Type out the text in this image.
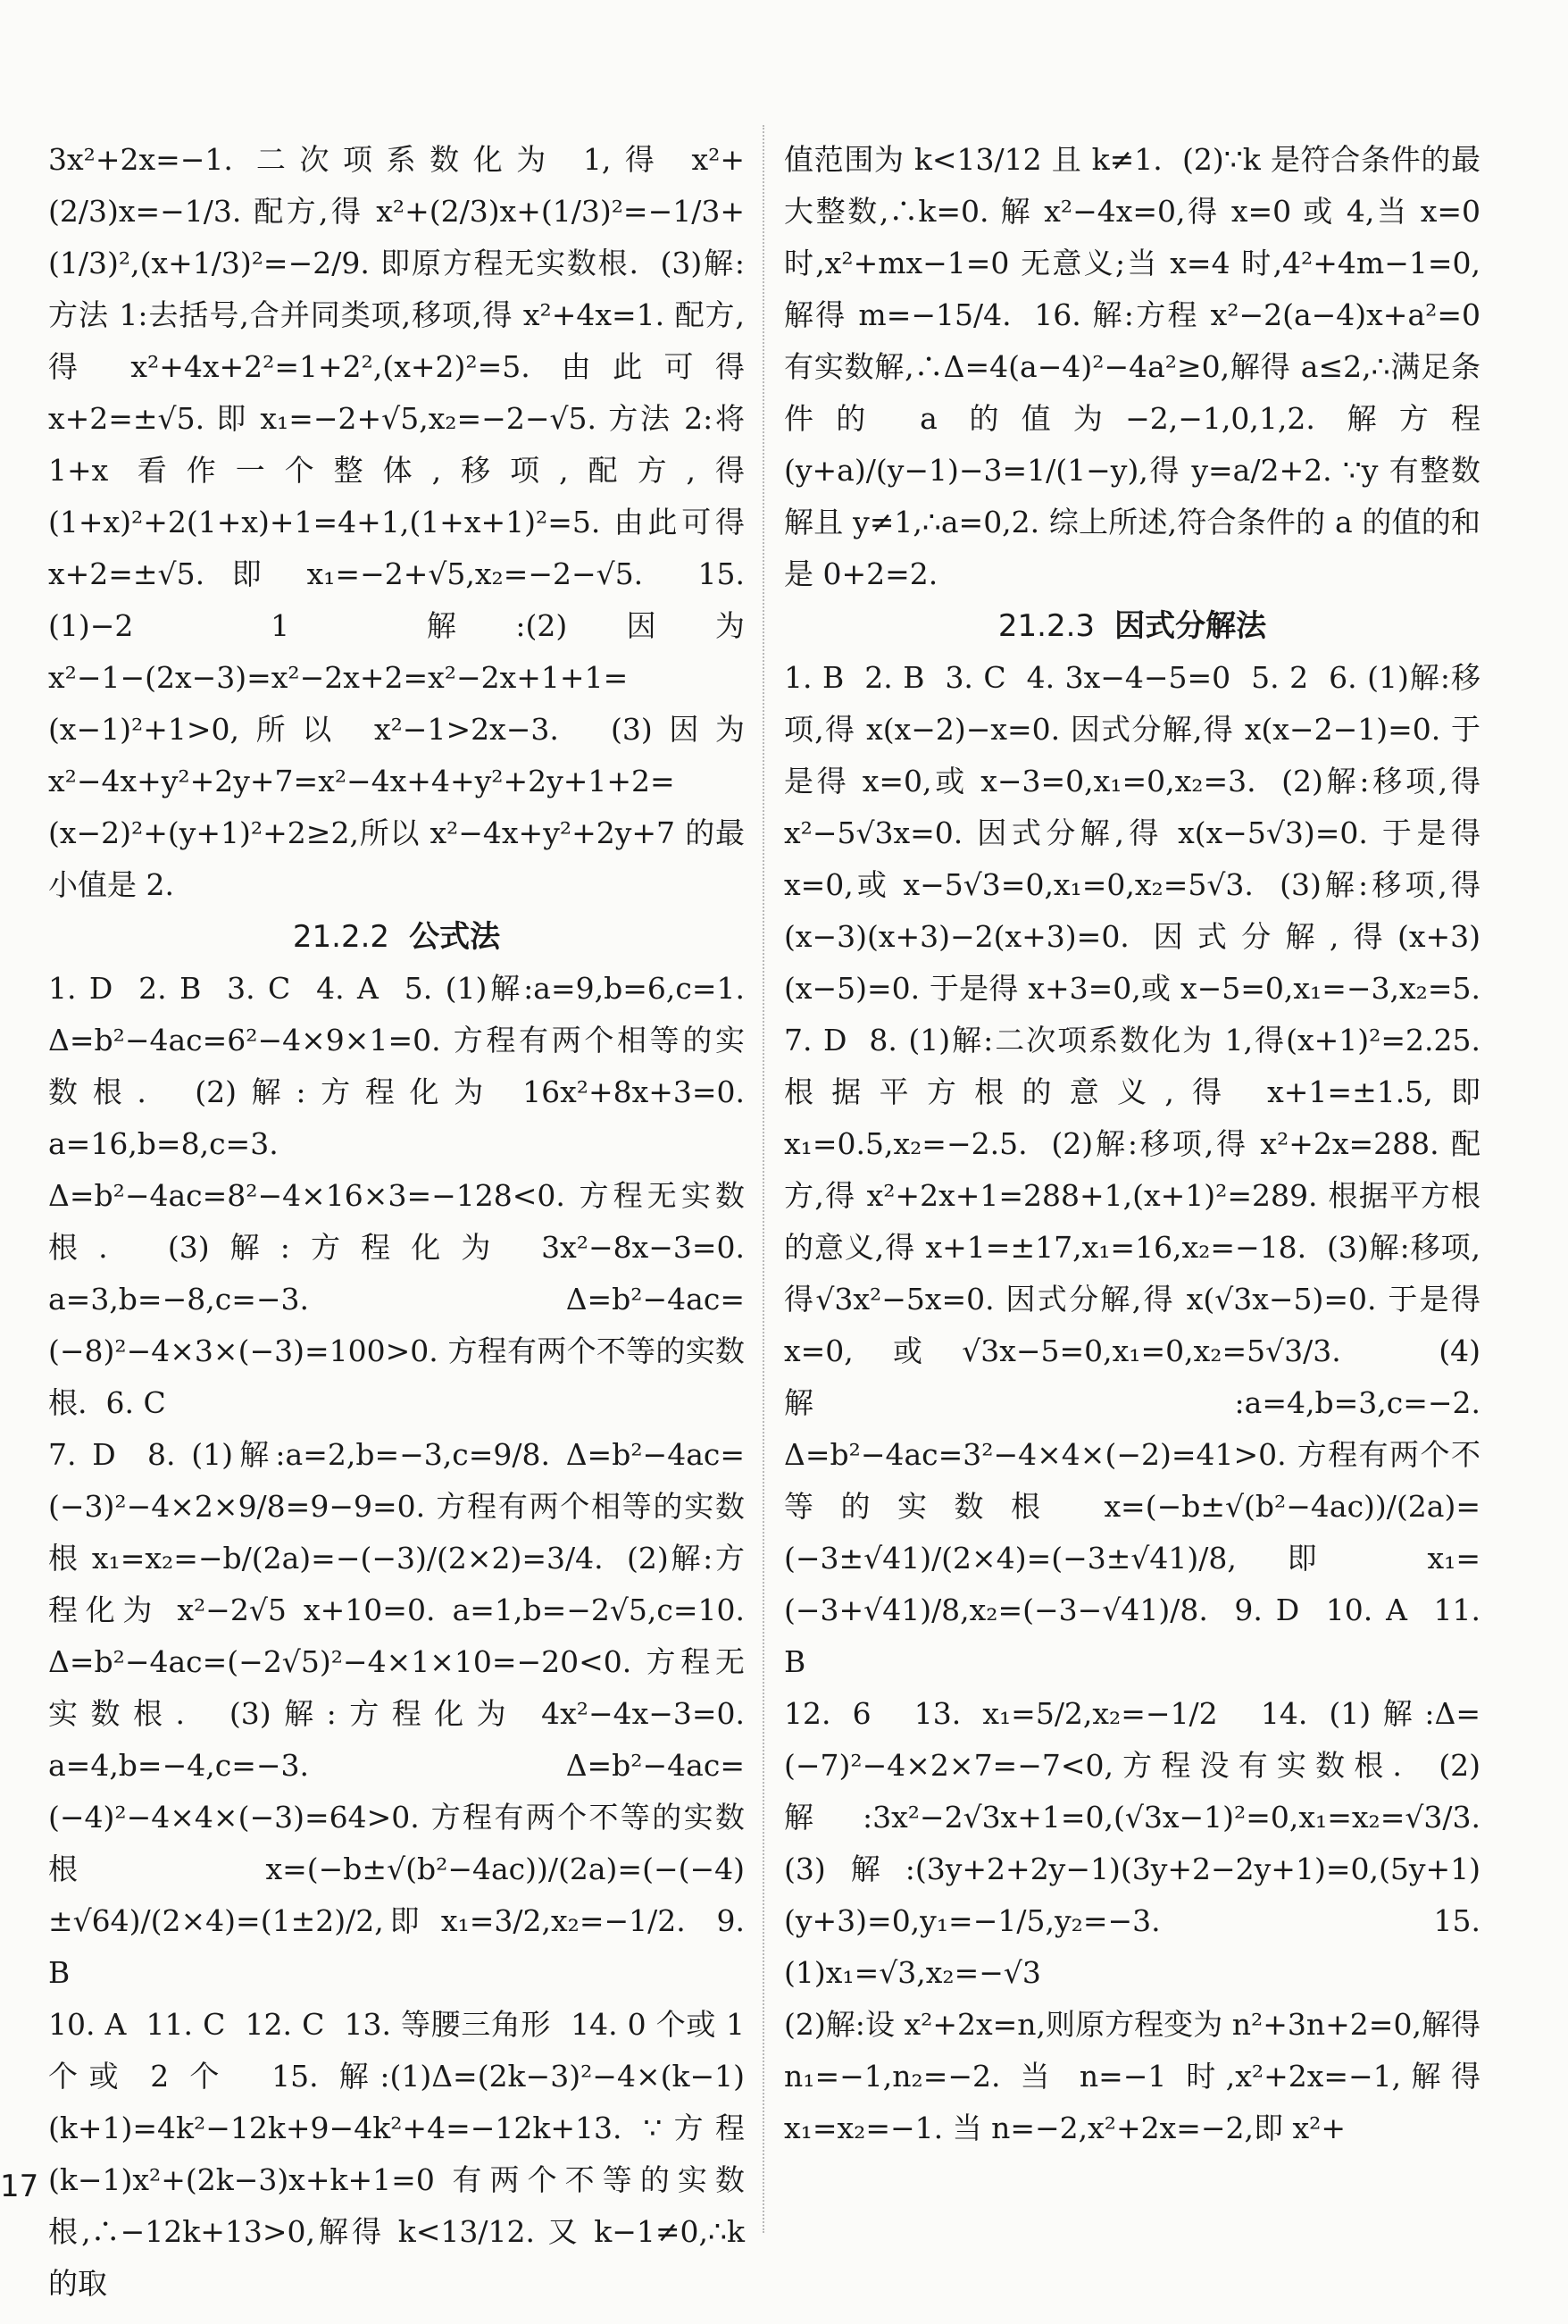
3x²+2x=−1. 二次项系数化为 1,得 x²+(2/3)x=−1/3. 配方,得 x²+(2/3)x+(1/3)²=−1/3+(1/3)²,(x+1/3)²=−2/9. 即原方程无实数根.  (3)解:方法 1:去括号,合并同类项,移项,得 x²+4x=1. 配方,得 x²+4x+2²=1+2²,(x+2)²=5. 由此可得 x+2=±√5. 即 x₁=−2+√5,x₂=−2−√5. 方法 2:将 1+x 看作一个整体,移项,配方,得(1+x)²+2(1+x)+1=4+1,(1+x+1)²=5. 由此可得 x+2=±√5. 即 x₁=−2+√5,x₂=−2−√5.  15. (1)−2  1  解:(2)因为 x²−1−(2x−3)=x²−2x+2=x²−2x+1+1=(x−1)²+1>0,所以 x²−1>2x−3.  (3)因为 x²−4x+y²+2y+7=x²−4x+4+y²+2y+1+2=(x−2)²+(y+1)²+2≥2,所以 x²−4x+y²+2y+7 的最小值是 2.

21.2.2 公式法

1. D  2. B  3. C  4. A  5. (1)解:a=9,b=6,c=1. Δ=b²−4ac=6²−4×9×1=0. 方程有两个相等的实数根.  (2)解:方程化为 16x²+8x+3=0. a=16,b=8,c=3. Δ=b²−4ac=8²−4×16×3=−128<0. 方程无实数根.  (3)解:方程化为 3x²−8x−3=0. a=3,b=−8,c=−3. Δ=b²−4ac=(−8)²−4×3×(−3)=100>0. 方程有两个不等的实数根.  6. C

7. D  8. (1)解:a=2,b=−3,c=9/8. Δ=b²−4ac=(−3)²−4×2×9/8=9−9=0. 方程有两个相等的实数根 x₁=x₂=−b/(2a)=−(−3)/(2×2)=3/4.  (2)解:方程化为 x²−2√5 x+10=0. a=1,b=−2√5,c=10. Δ=b²−4ac=(−2√5)²−4×1×10=−20<0. 方程无实数根.  (3)解:方程化为 4x²−4x−3=0. a=4,b=−4,c=−3. Δ=b²−4ac=(−4)²−4×4×(−3)=64>0. 方程有两个不等的实数根 x=(−b±√(b²−4ac))/(2a)=(−(−4)±√64)/(2×4)=(1±2)/2,即 x₁=3/2,x₂=−1/2.  9. B

10. A  11. C  12. C  13. 等腰三角形  14. 0 个或 1 个或 2 个  15. 解:(1)Δ=(2k−3)²−4×(k−1)(k+1)=4k²−12k+9−4k²+4=−12k+13. ∵方程(k−1)x²+(2k−3)x+k+1=0 有两个不等的实数根,∴−12k+13>0,解得 k<13/12. 又 k−1≠0,∴k 的取

值范围为 k<13/12 且 k≠1.  (2)∵k 是符合条件的最大整数,∴k=0. 解 x²−4x=0,得 x=0 或 4,当 x=0 时,x²+mx−1=0 无意义;当 x=4 时,4²+4m−1=0,解得 m=−15/4.  16. 解:方程 x²−2(a−4)x+a²=0 有实数解,∴Δ=4(a−4)²−4a²≥0,解得 a≤2,∴满足条件的 a 的值为−2,−1,0,1,2. 解方程 (y+a)/(y−1)−3=1/(1−y),得 y=a/2+2. ∵y 有整数解且 y≠1,∴a=0,2. 综上所述,符合条件的 a 的值的和是 0+2=2.

21.2.3 因式分解法

1. B  2. B  3. C  4. 3x−4−5=0  5. 2  6. (1)解:移项,得 x(x−2)−x=0. 因式分解,得 x(x−2−1)=0. 于是得 x=0,或 x−3=0,x₁=0,x₂=3.  (2)解:移项,得 x²−5√3x=0. 因式分解,得 x(x−5√3)=0. 于是得 x=0,或 x−5√3=0,x₁=0,x₂=5√3.  (3)解:移项,得(x−3)(x+3)−2(x+3)=0. 因式分解,得(x+3)(x−5)=0. 于是得 x+3=0,或 x−5=0,x₁=−3,x₂=5.  7. D  8. (1)解:二次项系数化为 1,得(x+1)²=2.25. 根据平方根的意义,得 x+1=±1.5,即 x₁=0.5,x₂=−2.5.  (2)解:移项,得 x²+2x=288. 配方,得 x²+2x+1=288+1,(x+1)²=289. 根据平方根的意义,得 x+1=±17,x₁=16,x₂=−18.  (3)解:移项,得√3x²−5x=0. 因式分解,得 x(√3x−5)=0. 于是得 x=0,或√3x−5=0,x₁=0,x₂=5√3/3.  (4)解:a=4,b=3,c=−2. Δ=b²−4ac=3²−4×4×(−2)=41>0. 方程有两个不等的实数根 x=(−b±√(b²−4ac))/(2a)=(−3±√41)/(2×4)=(−3±√41)/8,即 x₁=(−3+√41)/8,x₂=(−3−√41)/8.  9. D  10. A  11. B

12. 6  13. x₁=5/2,x₂=−1/2  14. (1)解:Δ=(−7)²−4×2×7=−7<0,方程没有实数根.  (2)解:3x²−2√3x+1=0,(√3x−1)²=0,x₁=x₂=√3/3.  (3)解:(3y+2+2y−1)(3y+2−2y+1)=0,(5y+1)(y+3)=0,y₁=−1/5,y₂=−3.  15. (1)x₁=√3,x₂=−√3

(2)解:设 x²+2x=n,则原方程变为 n²+3n+2=0,解得 n₁=−1,n₂=−2. 当 n=−1 时,x²+2x=−1,解得 x₁=x₂=−1. 当 n=−2,x²+2x=−2,即 x²+

17
